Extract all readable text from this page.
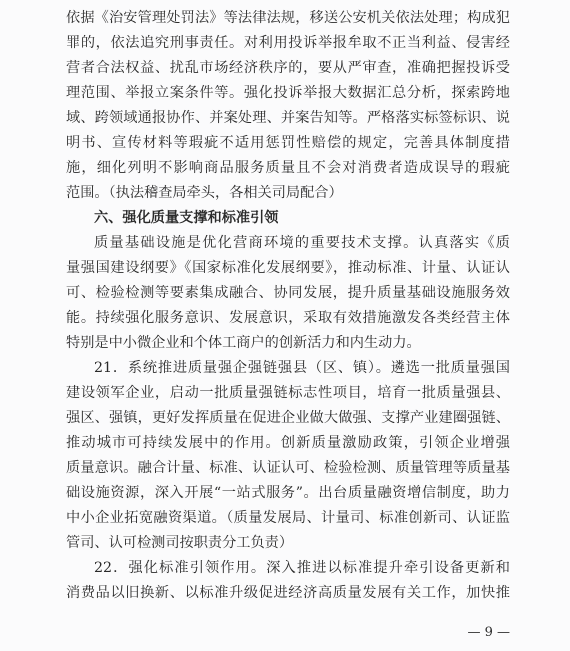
依据《治安管理处罚法》等法律法规，移送公安机关依法处理；构成犯
罪的，依法追究刑事责任。对利用投诉举报牟取不正当利益、侵害经
营者合法权益、扰乱市场经济秩序的，要从严审查，准确把握投诉受
理范围、举报立案条件等。强化投诉举报大数据汇总分析，探索跨地
域、跨领域通报协作、并案处理、并案告知等。严格落实标签标识、说
明书、宣传材料等瑕疵不适用惩罚性赔偿的规定，完善具体制度措
施，细化列明不影响商品服务质量且不会对消费者造成误导的瑕疵
范围。（执法稽查局牵头，各相关司局配合）
六、强化质量支撑和标准引领
质量基础设施是优化营商环境的重要技术支撑。认真落实《质
量强国建设纲要》《国家标准化发展纲要》，推动标准、计量、认证认
可、检验检测等要素集成融合、协同发展，提升质量基础设施服务效
能。持续强化服务意识、发展意识，采取有效措施激发各类经营主体
特别是中小微企业和个体工商户的创新活力和内生动力。
21．系统推进质量强企强链强县（区、镇）。遴选一批质量强国
建设领军企业，启动一批质量强链标志性项目，培育一批质量强县、
强区、强镇，更好发挥质量在促进企业做大做强、支撑产业建圈强链、
推动城市可持续发展中的作用。创新质量激励政策，引领企业增强
质量意识。融合计量、标准、认证认可、检验检测、质量管理等质量基
础设施资源，深入开展“一站式服务”。出台质量融资增信制度，助力
中小企业拓宽融资渠道。（质量发展局、计量司、标准创新司、认证监
管司、认可检测司按职责分工负责）
22．强化标准引领作用。深入推进以标准提升牵引设备更新和
消费品以旧换新、以标准升级促进经济高质量发展有关工作，加快推
— 9 —
